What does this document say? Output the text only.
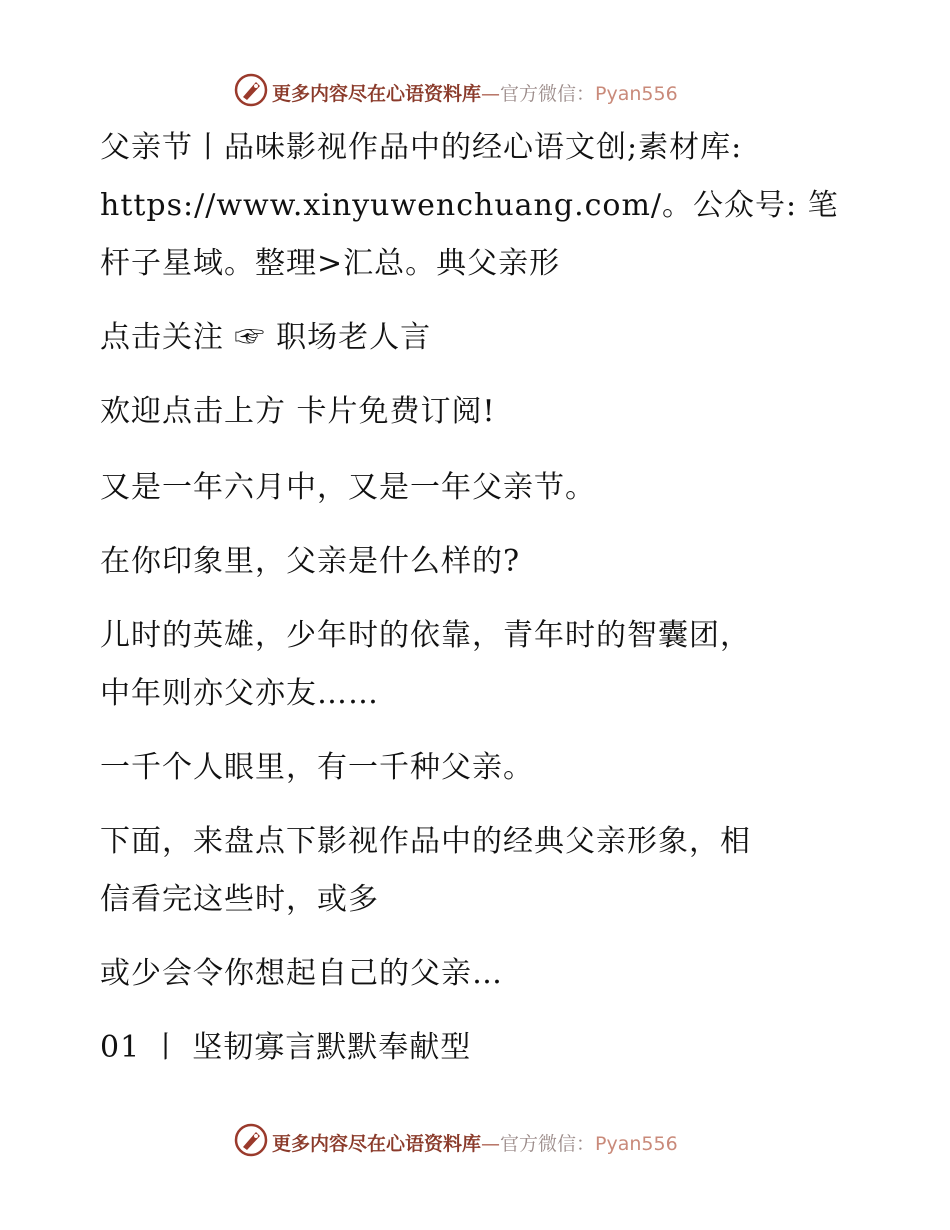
更多内容尽在心语资料库—官方微信：Pyan556
父亲节丨品味影视作品中的经心语文创;素材库:
https://www.xinyuwenchuang.com/。公众号: 笔
杆子星域。整理>汇总。典父亲形
点击关注 ☞ 职场老人言
欢迎点击上方 卡片免费订阅!
又是一年六月中，又是一年父亲节。
在你印象里，父亲是什么样的?
儿时的英雄，少年时的依靠，青年时的智囊团，
中年则亦父亦友……
一千个人眼里，有一千种父亲。
下面，来盘点下影视作品中的经典父亲形象，相
信看完这些时，或多
或少会令你想起自己的父亲…
01 丨 坚韧寡言默默奉献型
更多内容尽在心语资料库—官方微信：Pyan556
